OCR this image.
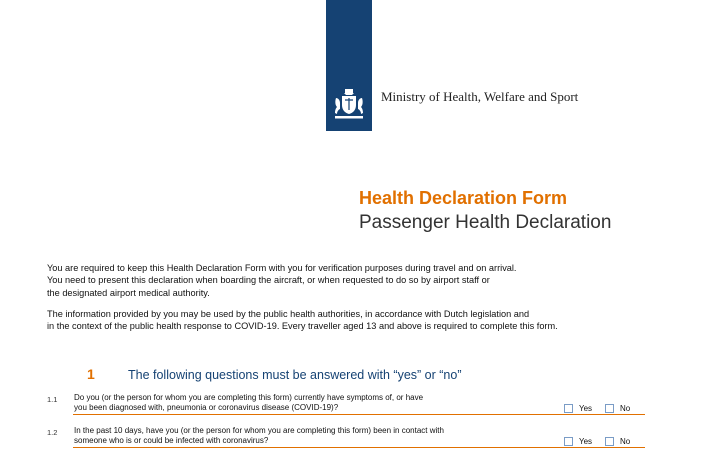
Ministry of Health, Welfare and Sport
Health Declaration Form
Passenger Health Declaration
You are required to keep this Health Declaration Form with you for verification purposes during travel and on arrival.
You need to present this declaration when boarding the aircraft, or when requested to do so by airport staff or
the designated airport medical authority.
The information provided by you may be used by the public health authorities, in accordance with Dutch legislation and
in the context of the public health response to COVID-19. Every traveller aged 13 and above is required to complete this form.
1	The following questions must be answered with “yes” or “no”
1.1 Do you (or the person for whom you are completing this form) currently have symptoms of, or have
you been diagnosed with, pneumonia or coronavirus disease (COVID-19)?	Yes	No
1.2 In the past 10 days, have you (or the person for whom you are completing this form) been in contact with
someone who is or could be infected with coronavirus?	Yes	No
